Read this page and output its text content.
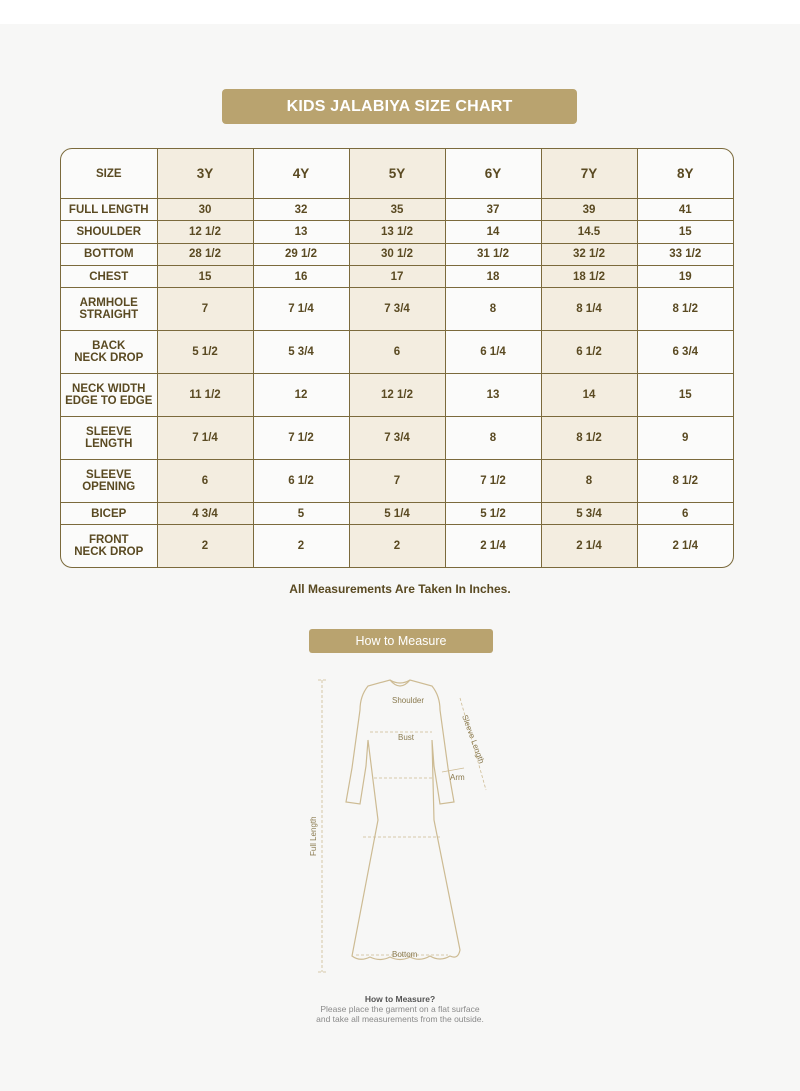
KIDS JALABIYA SIZE CHART
SIZE	3Y	4Y	5Y	6Y	7Y	8Y

FULL LENGTH	30	32	35	37	39	41

SHOULDER	12 1/2	13	13 1/2	14	14.5	15

BOTTOM	28 1/2	29 1/2	30 1/2	31 1/2	32 1/2	33 1/2

CHEST	15	16	17	18	18 1/2	19

ARMHOLE
STRAIGHT	7	7 1/4	7 3/4	8	8 1/4	8 1/2

BACK
NECK DROP	5 1/2	5 3/4	6	6 1/4	6 1/2	6 3/4

NECK WIDTH
EDGE TO EDGE	11 1/2	12	12 1/2	13	14	15

SLEEVE
LENGTH	7 1/4	7 1/2	7 3/4	8	8 1/2	9

SLEEVE
OPENING	6	6 1/2	7	7 1/2	8	8 1/2

BICEP	4 3/4	5	5 1/4	5 1/2	5 3/4	6

FRONT
NECK DROP	2	2	2	2 1/4	2 1/4	2 1/4
All Measurements Are Taken In Inches.
How to Measure
Shoulder
Bust	Sleeve Length
Arm
Full Length
Bottom
How to Measure?
Please place the garment on a flat surface
and take all measurements from the outside.
